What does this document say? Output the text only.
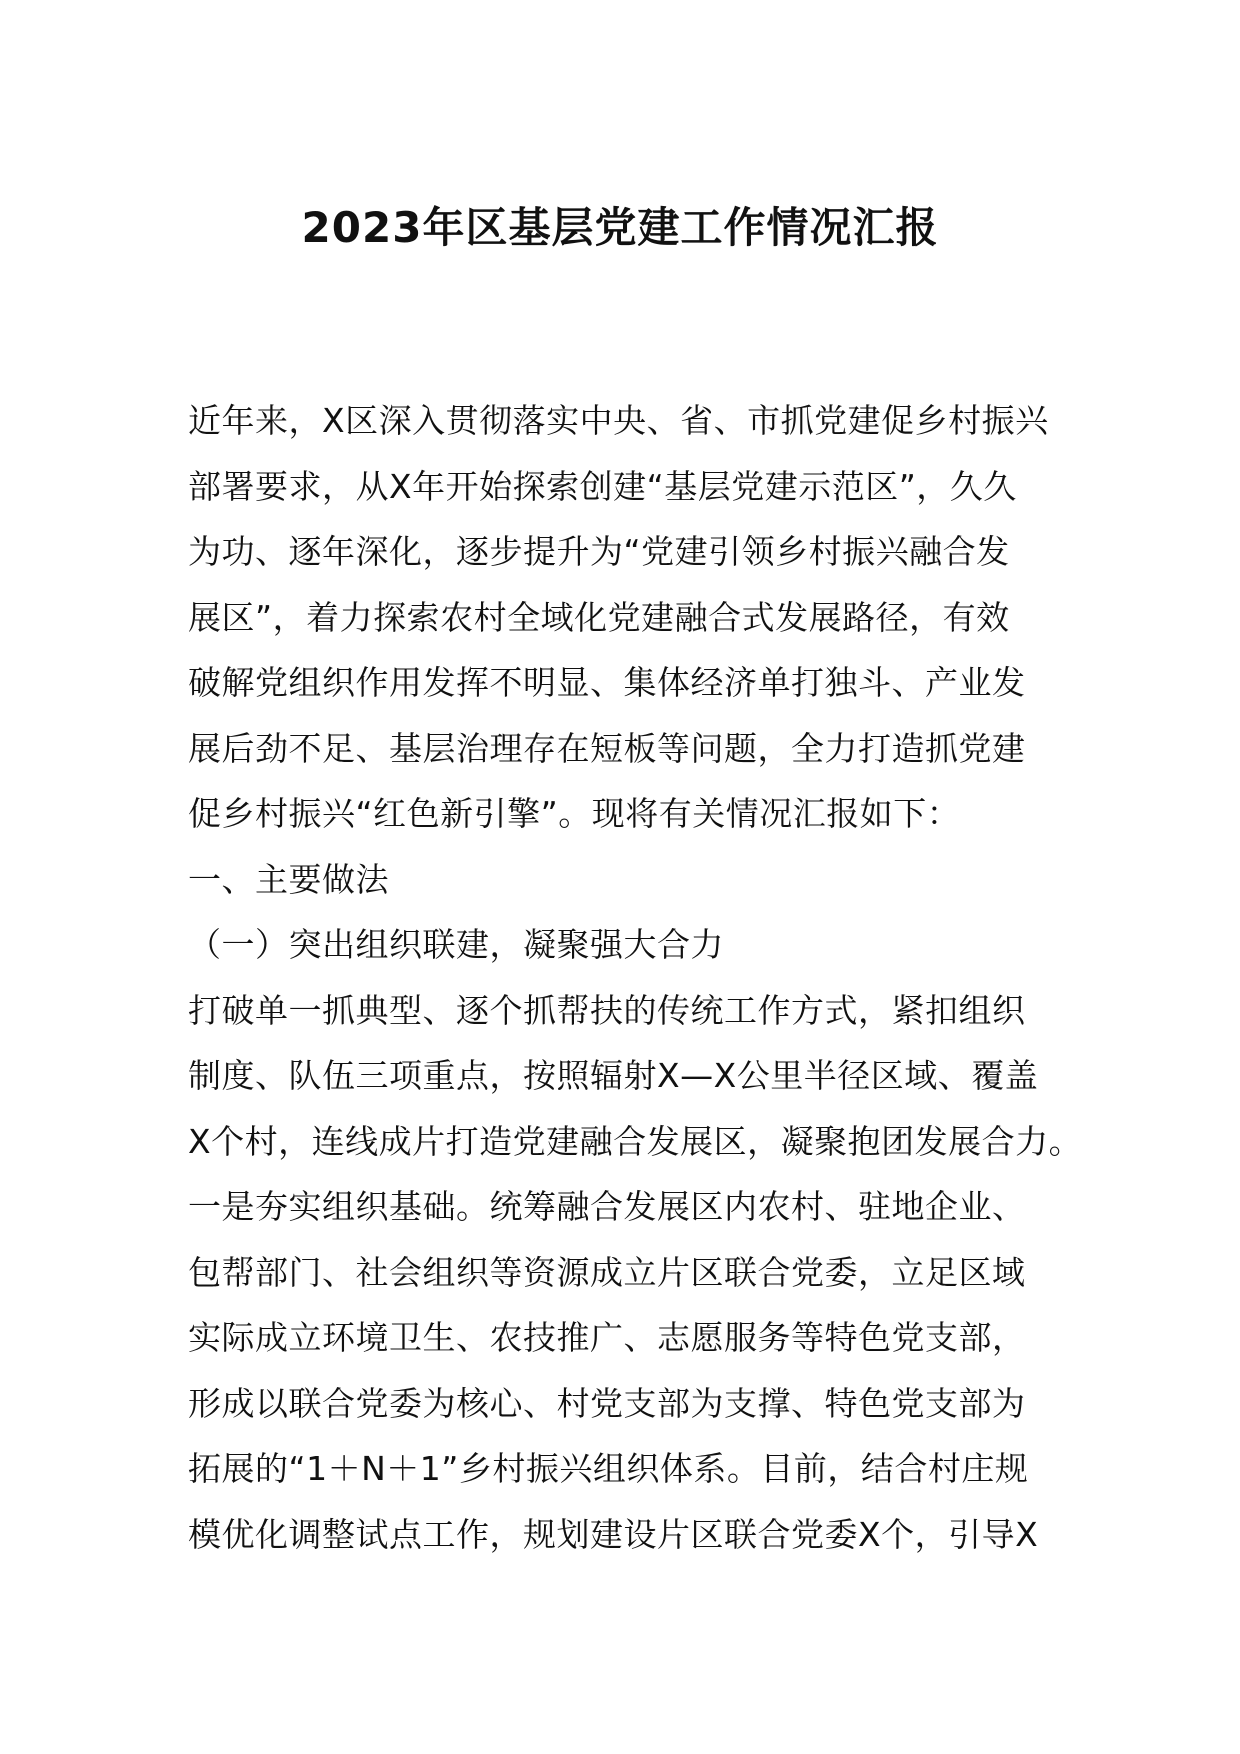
2023年区基层党建工作情况汇报
近年来，X区深入贯彻落实中央、省、市抓党建促乡村振兴
部署要求，从X年开始探索创建“基层党建示范区”，久久
为功、逐年深化，逐步提升为“党建引领乡村振兴融合发
展区”，着力探索农村全域化党建融合式发展路径，有效
破解党组织作用发挥不明显、集体经济单打独斗、产业发
展后劲不足、基层治理存在短板等问题，全力打造抓党建
促乡村振兴“红色新引擎”。现将有关情况汇报如下：
一、主要做法
（一）突出组织联建，凝聚强大合力
打破单一抓典型、逐个抓帮扶的传统工作方式，紧扣组织
制度、队伍三项重点，按照辐射X—X公里半径区域、覆盖
X个村，连线成片打造党建融合发展区，凝聚抱团发展合力。
一是夯实组织基础。统筹融合发展区内农村、驻地企业、
包帮部门、社会组织等资源成立片区联合党委，立足区域
实际成立环境卫生、农技推广、志愿服务等特色党支部，
形成以联合党委为核心、村党支部为支撑、特色党支部为
拓展的“1＋N＋1”乡村振兴组织体系。目前，结合村庄规
模优化调整试点工作，规划建设片区联合党委X个，引导X
